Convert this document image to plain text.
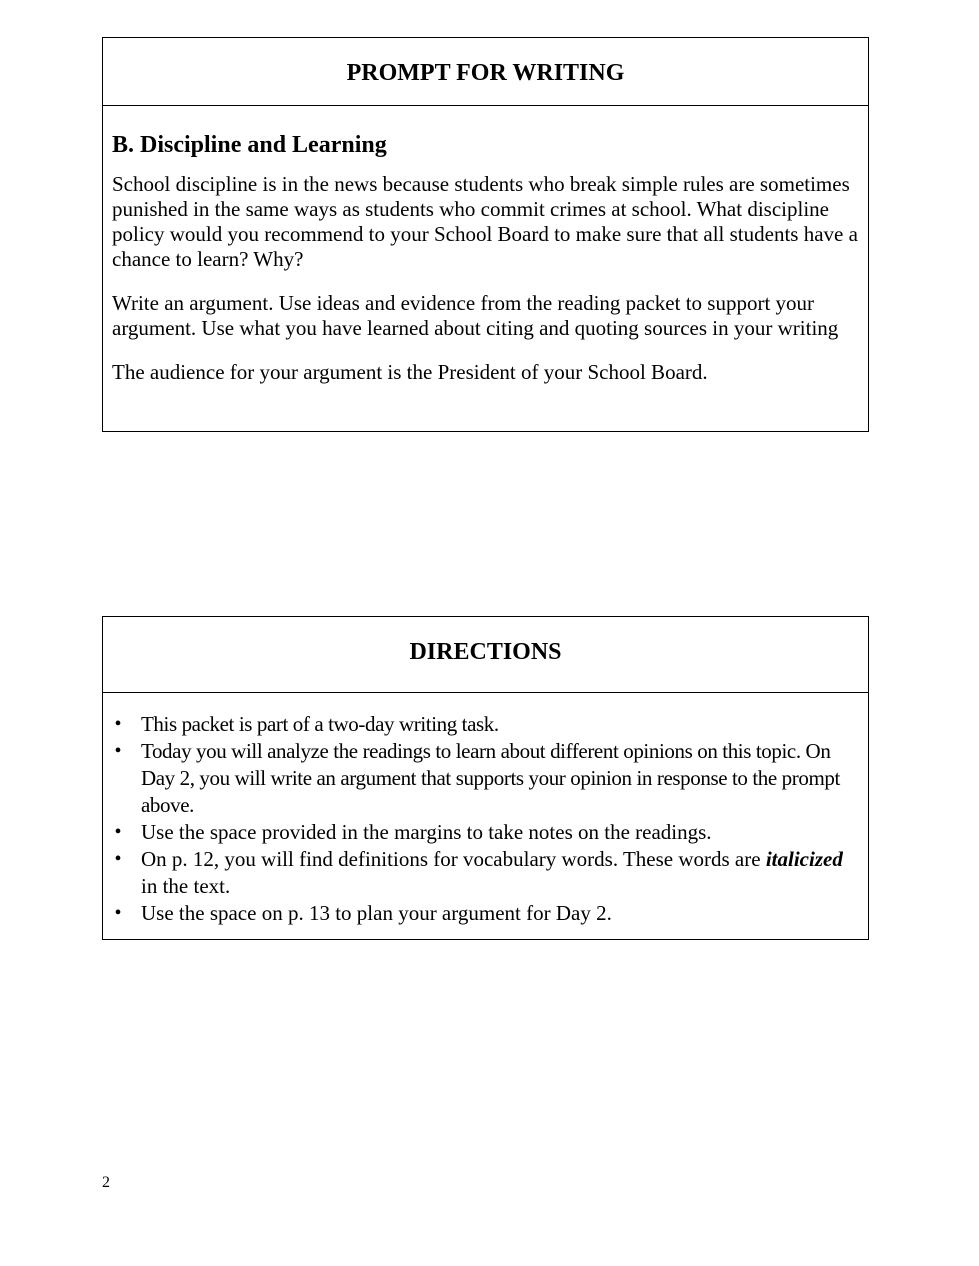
PROMPT FOR WRITING
B. Discipline and Learning

School discipline is in the news because students who break simple rules are sometimes punished in the same ways as students who commit crimes at school. What discipline policy would you recommend to your School Board to make sure that all students have a chance to learn? Why?

Write an argument. Use ideas and evidence from the reading packet to support your argument. Use what you have learned about citing and quoting sources in your writing

The audience for your argument is the President of your School Board.

DIRECTIONS
• This packet is part of a two-day writing task.
• Today you will analyze the readings to learn about different opinions on this topic. On Day 2, you will write an argument that supports your opinion in response to the prompt above.
• Use the space provided in the margins to take notes on the readings.
• On p. 12, you will find definitions for vocabulary words. These words are italicized in the text.
• Use the space on p. 13 to plan your argument for Day 2.
2
